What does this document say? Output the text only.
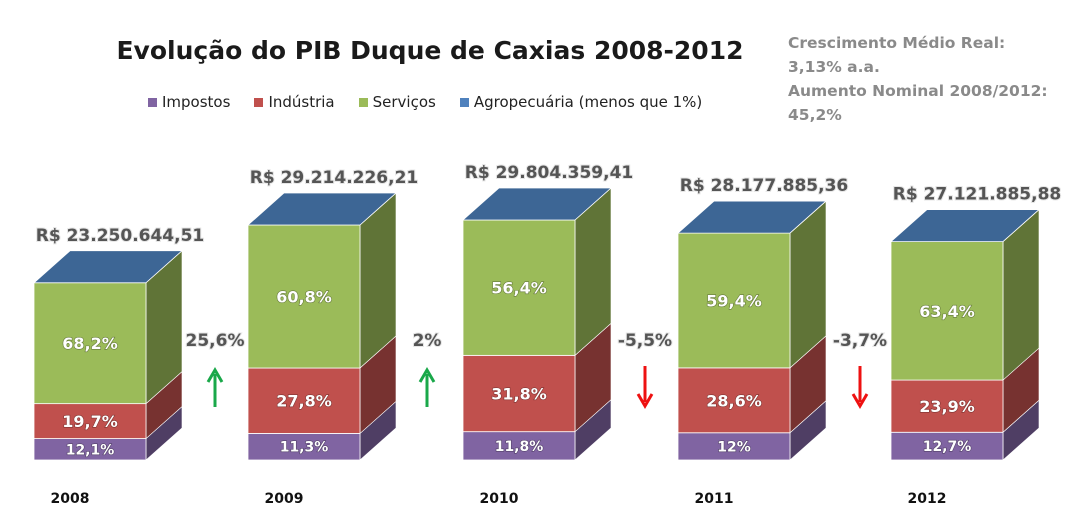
12,1%
19,7%
68,2%
R$ 23.250.644,51
2008
11,3%
27,8%
60,8%
R$ 29.214.226,21
2009
11,8%
31,8%
56,4%
R$ 29.804.359,41
2010
12%
28,6%
59,4%
R$ 28.177.885,36
2011
12,7%
23,9%
63,4%
R$ 27.121.885,88
2012
25,6%	2%	-5,5%	-3,7%
Evolução do PIB Duque de Caxias 2008-2012	Crescimento Médio Real:
3,13% a.a.
Aumento Nominal 2008/2012:
45,2%
Impostos	Indústria	Serviços	Agropecuária (menos que 1%)
